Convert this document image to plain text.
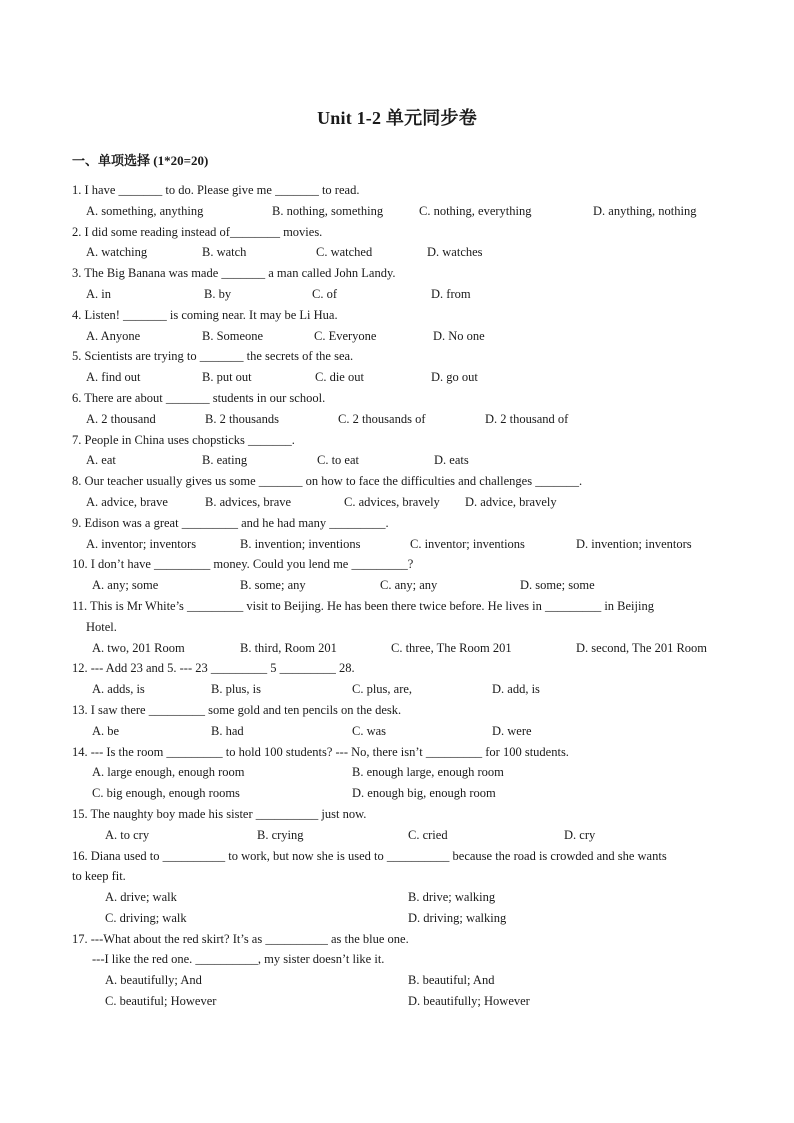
Unit 1-2 单元同步卷
一、单项选择 (1*20=20)
1. I have _______ to do. Please give me _______ to read.
A. something, anything	B. nothing, something	C. nothing, everything	D. anything, nothing
2. I did some reading instead of________ movies.
A. watching	B. watch	C. watched	D. watches
3. The Big Banana was made _______ a man called John Landy.
A. in	B. by	C. of	D. from
4. Listen! _______ is coming near. It may be Li Hua.
A. Anyone	B. Someone	C. Everyone	D. No one
5. Scientists are trying to _______ the secrets of the sea.
A. find out	B. put out	C. die out	D. go out
6. There are about _______ students in our school.
A. 2 thousand	B. 2 thousands	C. 2 thousands of	D. 2 thousand of
7. People in China uses chopsticks _______.
A. eat	B. eating	C. to eat	D. eats
8. Our teacher usually gives us some _______ on how to face the difficulties and challenges _______.
A. advice, brave	B. advices, brave	C. advices, bravely D. advice, bravely
9. Edison was a great _________ and he had many _________.
A. inventor; inventors	B. invention; inventions	C. inventor; inventions	D. invention; inventors
10. I don’t have _________ money. Could you lend me _________?
A. any; some	B. some; any	C. any; any	D. some; some
11. This is Mr White’s _________ visit to Beijing. He has been there twice before. He lives in _________ in Beijing
Hotel.
A. two, 201 Room	B. third, Room 201	C. three, The Room 201	D. second, The 201 Room
12. --- Add 23 and 5. --- 23 _________ 5 _________ 28.
A. adds, is	B. plus, is	C. plus, are,	D. add, is
13. I saw there _________ some gold and ten pencils on the desk.
A. be	B. had	C. was	D. were
14. --- Is the room _________ to hold 100 students? --- No, there isn’t _________ for 100 students.
A. large enough, enough room	B. enough large, enough room
C. big enough, enough rooms	D. enough big, enough room
15. The naughty boy made his sister __________ just now.
A. to cry	B. crying	C. cried	D. cry
16. Diana used to __________ to work, but now she is used to __________ because the road is crowded and she wants
to keep fit.
A. drive; walk	B. drive; walking
C. driving; walk	D. driving; walking
17. ---What about the red skirt? It’s as __________ as the blue one.
---I like the red one. __________, my sister doesn’t like it.
A. beautifully; And	B. beautiful; And
C. beautiful; However	D. beautifully; However
